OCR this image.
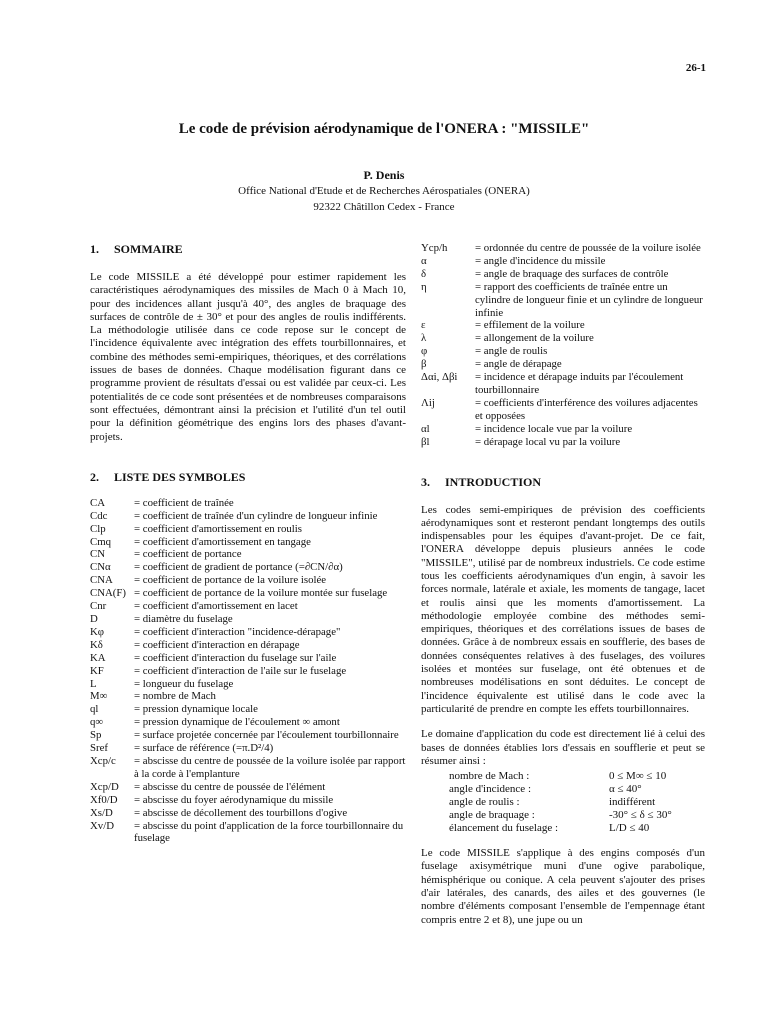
26-1
Le code de prévision aérodynamique de l'ONERA : "MISSILE"
P. Denis
Office National d'Etude et de Recherches Aérospatiales (ONERA)
92322 Châtillon Cedex - France
1. SOMMAIRE

Le code MISSILE a été développé pour estimer rapidement les caractéristiques aérodynamiques des missiles de Mach 0 à Mach 10, pour des incidences allant jusqu'à 40°, des angles de braquage des surfaces de contrôle de ± 30° et pour des angles de roulis indifférents. La méthodologie utilisée dans ce code repose sur le concept de l'incidence équivalente avec intégration des effets tourbillonnaires, et combine des méthodes semi-empiriques, théoriques, et des corrélations issues de bases de données. Chaque modélisation figurant dans ce programme provient de résultats d'essai ou est validée par ceux-ci. Les potentialités de ce code sont présentées et de nombreuses comparaisons sont effectuées, démontrant ainsi la précision et l'utilité d'un tel outil pour la définition géométrique des engins lors des phases d'avant-projets.

2. LISTE DES SYMBOLES
CA	= coefficient de traînée
Cdc	= coefficient de traînée d'un cylindre de longueur infinie
Clp	= coefficient d'amortissement en roulis
Cmq	= coefficient d'amortissement en tangage
CN	= coefficient de portance
CNα	= coefficient de gradient de portance (=∂CN/∂α)
CNA	= coefficient de portance de la voilure isolée
CNA(F) = coefficient de portance de la voilure montée sur fuselage
Cnr	= coefficient d'amortissement en lacet
D	= diamètre du fuselage
Kφ	= coefficient d'interaction "incidence-dérapage"
Kδ	= coefficient d'interaction en dérapage
KA	= coefficient d'interaction du fuselage sur l'aile
KF	= coefficient d'interaction de l'aile sur le fuselage
L	= longueur du fuselage
M∞	= nombre de Mach
ql	= pression dynamique locale
q∞	= pression dynamique de l'écoulement ∞ amont
Sp	= surface projetée concernée par l'écoulement tourbillonnaire
Sref	= surface de référence (=π.D²/4)
Xcp/c	= abscisse du centre de poussée de la voilure isolée par rapport à la corde à l'emplanture
Xcp/D	= abscisse du centre de poussée de l'élément
Xf0/D	= abscisse du foyer aérodynamique du missile
Xs/D	= abscisse de décollement des tourbillons d'ogive
Xv/D	= abscisse du point d'application de la force tourbillonnaire du fuselage
Ycp/h	= ordonnée du centre de poussée de la voilure isolée
α	= angle d'incidence du missile
δ	= angle de braquage des surfaces de contrôle
η	= rapport des coefficients de traînée entre un cylindre de longueur finie et un cylindre de longueur infinie
ε	= effilement de la voilure
λ	= allongement de la voilure
φ	= angle de roulis
β	= angle de dérapage
Δαi, Δβi	= incidence et dérapage induits par l'écoulement tourbillonnaire
Λij	= coefficients d'interférence des voilures adjacentes et opposées
αl	= incidence locale vue par la voilure
βl	= dérapage local vu par la voilure
3. INTRODUCTION

Les codes semi-empiriques de prévision des coefficients aérodynamiques sont et resteront pendant longtemps des outils indispensables pour les équipes d'avant-projet. De ce fait, l'ONERA développe depuis plusieurs années le code "MISSILE", utilisé par de nombreux industriels. Ce code estime tous les coefficients aérodynamiques d'un engin, à savoir les forces normale, latérale et axiale, les moments de tangage, lacet et roulis ainsi que les moments d'amortissement. La méthodologie employée combine des méthodes semi-empiriques, théoriques et des corrélations issues de bases de données. Grâce à de nombreux essais en soufflerie, des bases de données conséquentes relatives à des fuselages, des voilures isolées et montées sur fuselage, ont été obtenues et de nombreuses modélisations en sont déduites. Le concept de l'incidence équivalente est utilisé dans le code avec la particularité de prendre en compte les effets tourbillonnaires.

Le domaine d'application du code est directement lié à celui des bases de données établies lors d'essais en soufflerie et peut se résumer ainsi :

nombre de Mach :	0 ≤ M∞ ≤ 10
angle d'incidence :	α ≤ 40°
angle de roulis :	indifférent
angle de braquage :	-30° ≤ δ ≤ 30°
élancement du fuselage :	L/D ≤ 40

Le code MISSILE s'applique à des engins composés d'un fuselage axisymétrique muni d'une ogive parabolique, hémisphérique ou conique. A cela peuvent s'ajouter des prises d'air latérales, des canards, des ailes et des gouvernes (le nombre d'éléments composant l'ensemble de l'empennage étant compris entre 2 et 8), une jupe ou un
